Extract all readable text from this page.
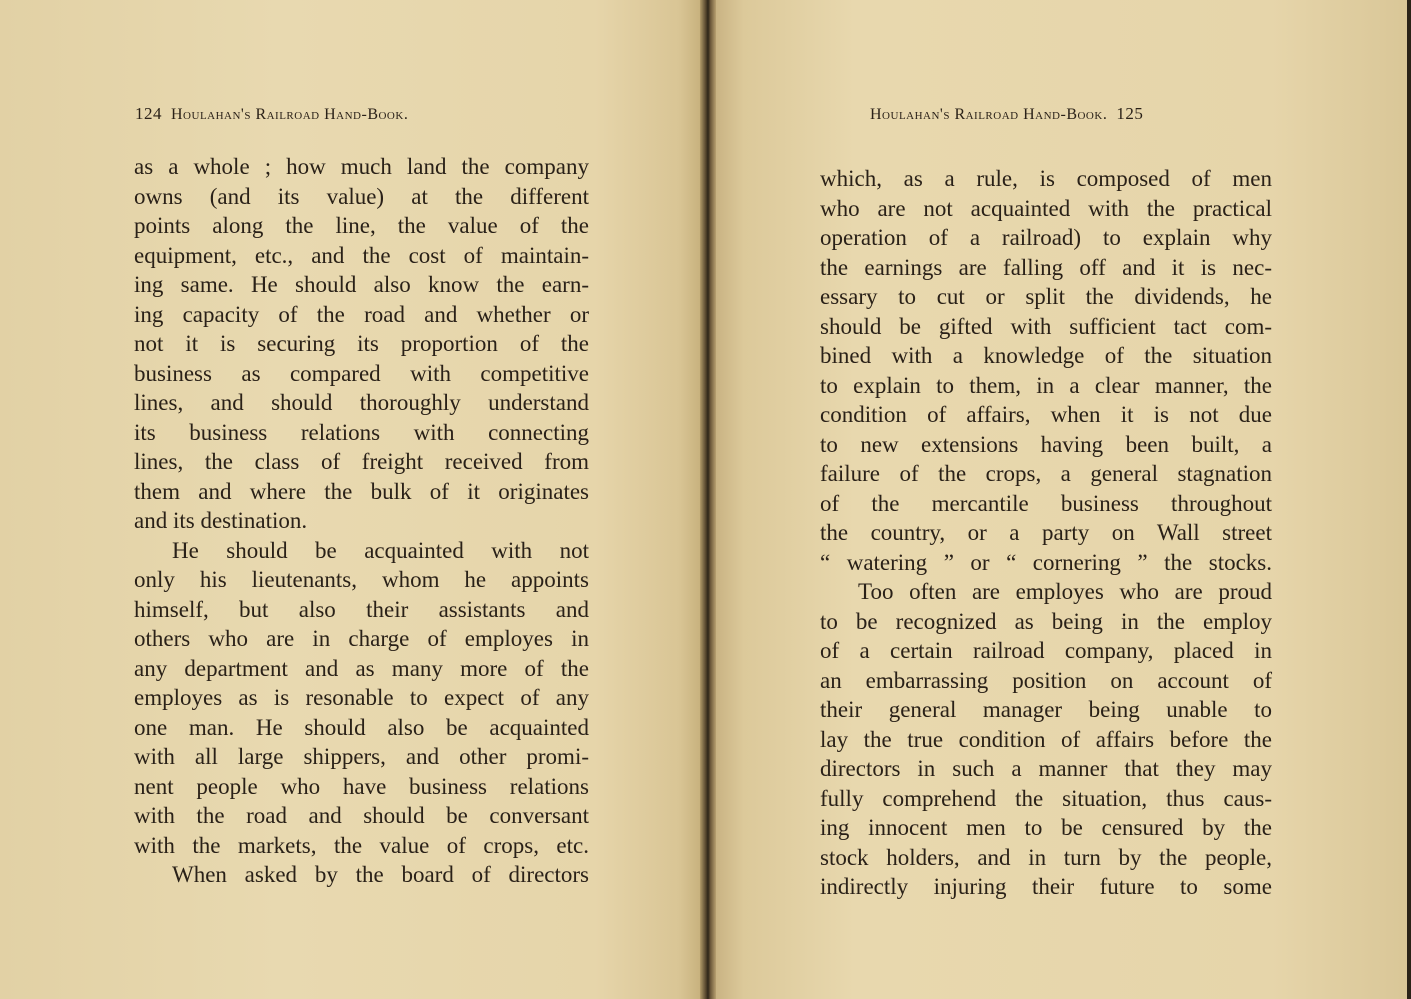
124 Houlahan's Railroad Hand-Book.	Houlahan's Railroad Hand-Book. 125
as a whole ; how much land the company
owns (and its value) at the different
points along the line, the value of the
equipment, etc., and the cost of maintain-
ing same. He should also know the earn-
ing capacity of the road and whether or
not it is securing its proportion of the
business as compared with competitive
lines, and should thoroughly understand
its business relations with connecting
lines, the class of freight received from
them and where the bulk of it originates
and its destination.
He should be acquainted with not
only his lieutenants, whom he appoints
himself, but also their assistants and
others who are in charge of employes in
any department and as many more of the
employes as is resonable to expect of any
one man. He should also be acquainted
with all large shippers, and other promi-
nent people who have business relations
with the road and should be conversant
with the markets, the value of crops, etc.
When asked by the board of directors
which, as a rule, is composed of men
who are not acquainted with the practical
operation of a railroad) to explain why
the earnings are falling off and it is nec-
essary to cut or split the dividends, he
should be gifted with sufficient tact com-
bined with a knowledge of the situation
to explain to them, in a clear manner, the
condition of affairs, when it is not due
to new extensions having been built, a
failure of the crops, a general stagnation
of the mercantile business throughout
the country, or a party on Wall street
“ watering ” or “ cornering ” the stocks.
Too often are employes who are proud
to be recognized as being in the employ
of a certain railroad company, placed in
an embarrassing position on account of
their general manager being unable to
lay the true condition of affairs before the
directors in such a manner that they may
fully comprehend the situation, thus caus-
ing innocent men to be censured by the
stock holders, and in turn by the people,
indirectly injuring their future to some
